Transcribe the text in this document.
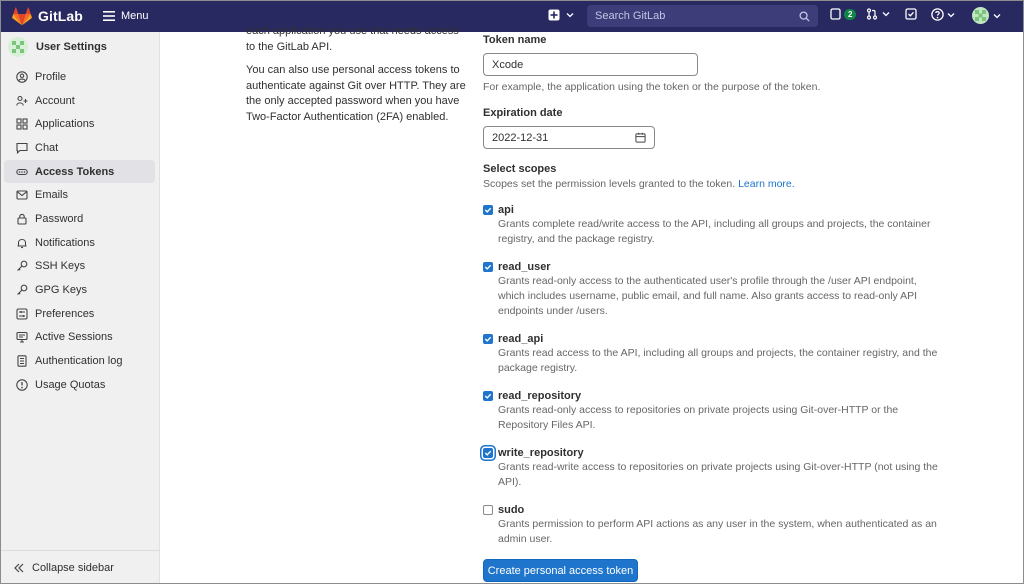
GitLab	Menu
Search GitLab	2
User Settings
Profile
Account
Applications
Chat
Access Tokens
Emails
Password
Notifications
SSH Keys
GPG Keys
Preferences
Active Sessions
Authentication log
Usage Quotas
Collapse sidebar

each application you use that needs access to the GitLab API.

You can also use personal access tokens to authenticate against Git over HTTP. They are the only accepted password when you have Two-Factor Authentication (2FA) enabled.

Token name
Xcode
For example, the application using the token or the purpose of the token.
Expiration date
2022-12-31
Select scopes
Scopes set the permission levels granted to the token. Learn more.
api
Grants complete read/write access to the API, including all groups and projects, the container registry, and the package registry.
read_user
Grants read-only access to the authenticated user's profile through the /user API endpoint, which includes username, public email, and full name. Also grants access to read-only API endpoints under /users.
read_api
Grants read access to the API, including all groups and projects, the container registry, and the package registry.
read_repository
Grants read-only access to repositories on private projects using Git-over-HTTP or the Repository Files API.
write_repository
Grants read-write access to repositories on private projects using Git-over-HTTP (not using the API).
sudo
Grants permission to perform API actions as any user in the system, when authenticated as an admin user.
Create personal access token
